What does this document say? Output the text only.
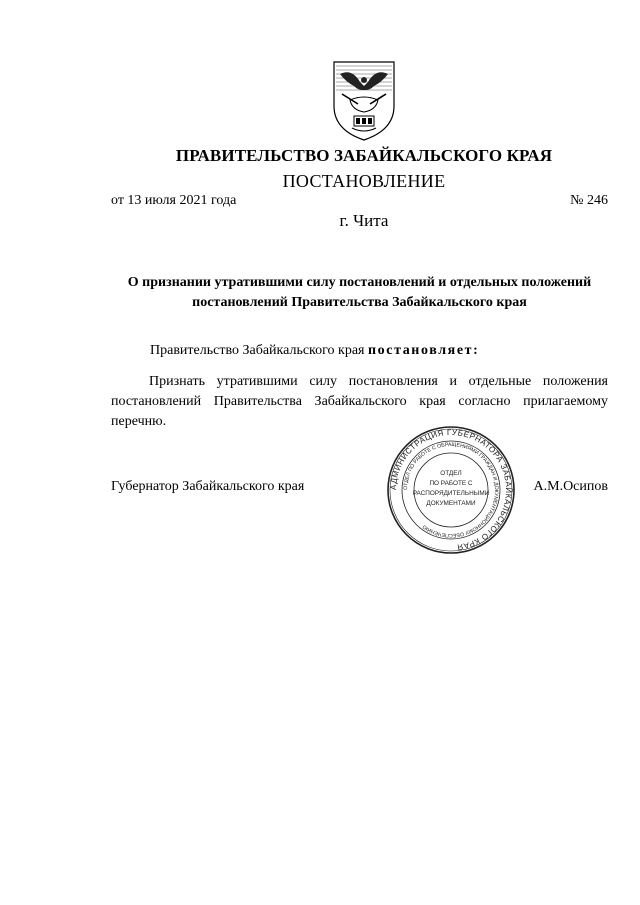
ПРАВИТЕЛЬСТВО ЗАБАЙКАЛЬСКОГО КРАЯ
ПОСТАНОВЛЕНИЕ
от 13 июля 2021 года	№ 246
г. Чита
О признании утратившими силу постановлений и отдельных положений постановлений Правительства Забайкальского края
Правительство Забайкальского края постановляет:
Признать утратившими силу постановления и отдельные положения постановлений Правительства Забайкальского края согласно прилагаемому перечню.
Губернатор Забайкальского края	А.М.Осипов
АДМИНИСТРАЦИЯ ГУБЕРНАТОРА ЗАБАЙКАЛЬСКОГО КРАЯ
ОТДЕЛ ПО РАБОТЕ С ОБРАЩЕНИЯМИ ГРАЖДАН И ДОКУМЕНТАЦИОННОМУ ОБЕСПЕЧЕНИЮ
ОТДЕЛ
ПО РАБОТЕ С
РАСПОРЯДИТЕЛЬНЫМИ
ДОКУМЕНТАМИ
